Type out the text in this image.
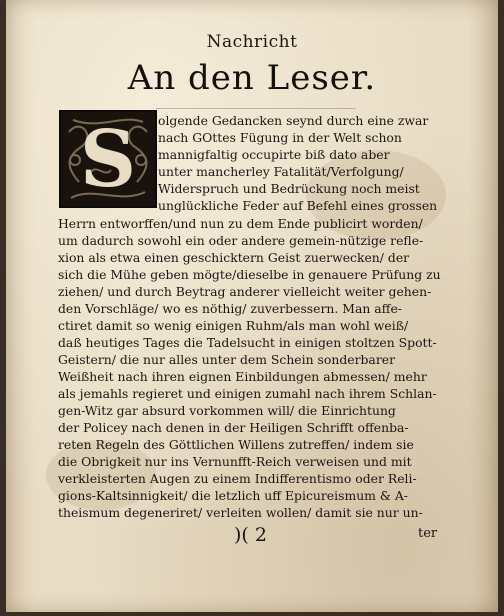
Nachricht
An den Leser.
S	olgende Gedancken seynd durch eine zwar
nach GOttes Fügung in der Welt schon
mannigfaltig occupirte biß dato aber
unter mancherley Fatalität/Verfolgung/
Widerspruch und Bedrückung noch meist
unglückliche Feder auf Befehl eines grossen
Herrn entworffen/und nun zu dem Ende publicirt worden/
um dadurch sowohl ein oder andere gemein-nützige refle-
xion als etwa einen geschicktern Geist zuerwecken/ der
sich die Mühe geben mögte/dieselbe in genauere Prüfung zu
ziehen/ und durch Beytrag anderer vielleicht weiter gehen-
den Vorschläge/ wo es nöthig/ zuverbessern. Man affe-
ctiret damit so wenig einigen Ruhm/als man wohl weiß/
daß heutiges Tages die Tadelsucht in einigen stoltzen Spott-
Geistern/ die nur alles unter dem Schein sonderbarer
Weißheit nach ihren eignen Einbildungen abmessen/ mehr
als jemahls regieret und einigen zumahl nach ihrem Schlan-
gen-Witz gar absurd vorkommen will/ die Einrichtung
der Policey nach denen in der Heiligen Schrifft offenba-
reten Regeln des Göttlichen Willens zutreffen/ indem sie
die Obrigkeit nur ins Vernunfft-Reich verweisen und mit
verkleisterten Augen zu einem Indifferentismo oder Reli-
gions-Kaltsinnigkeit/ die letzlich uff Epicureismum & A-
theismum degeneriret/ verleiten wollen/ damit sie nur un-
)( 2	ter
